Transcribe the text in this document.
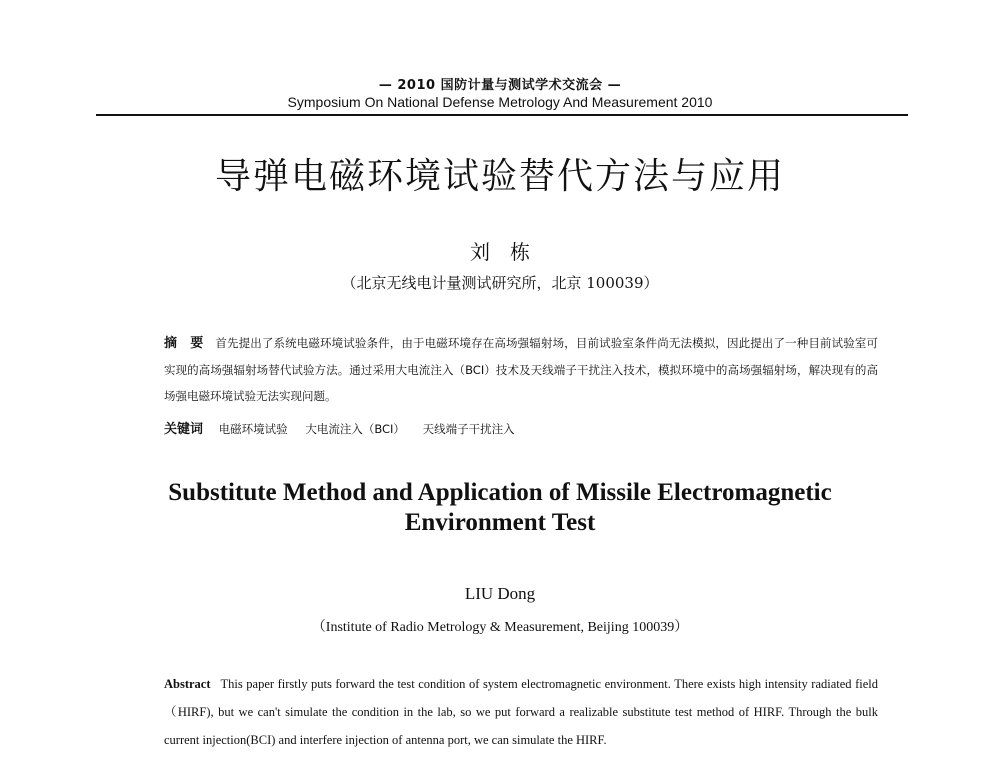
— 2010 国防计量与测试学术交流会 —
Symposium On National Defense Metrology And Measurement 2010
导弹电磁环境试验替代方法与应用
刘　栋
（北京无线电计量测试研究所，北京 100039）
摘　要 首先提出了系统电磁环境试验条件，由于电磁环境存在高场强辐射场，目前试验室条件尚无法模拟，因此提出了一种目前试验室可实现的高场强辐射场替代试验方法。通过采用大电流注入（BCI）技术及天线端子干扰注入技术，模拟环境中的高场强辐射场，解决现有的高场强电磁环境试验无法实现问题。
关键词 电磁环境试验 大电流注入（BCI） 天线端子干扰注入
Substitute Method and Application of Missile Electromagnetic
Environment Test
LIU Dong
（Institute of Radio Metrology & Measurement, Beijing 100039）
Abstract This paper firstly puts forward the test condition of system electromagnetic environment. There exists high intensity radiated field（HIRF), but we can't simulate the condition in the lab, so we put forward a realizable substitute test method of HIRF. Through the bulk current injection(BCI) and interfere injection of antenna port, we can simulate the HIRF.
